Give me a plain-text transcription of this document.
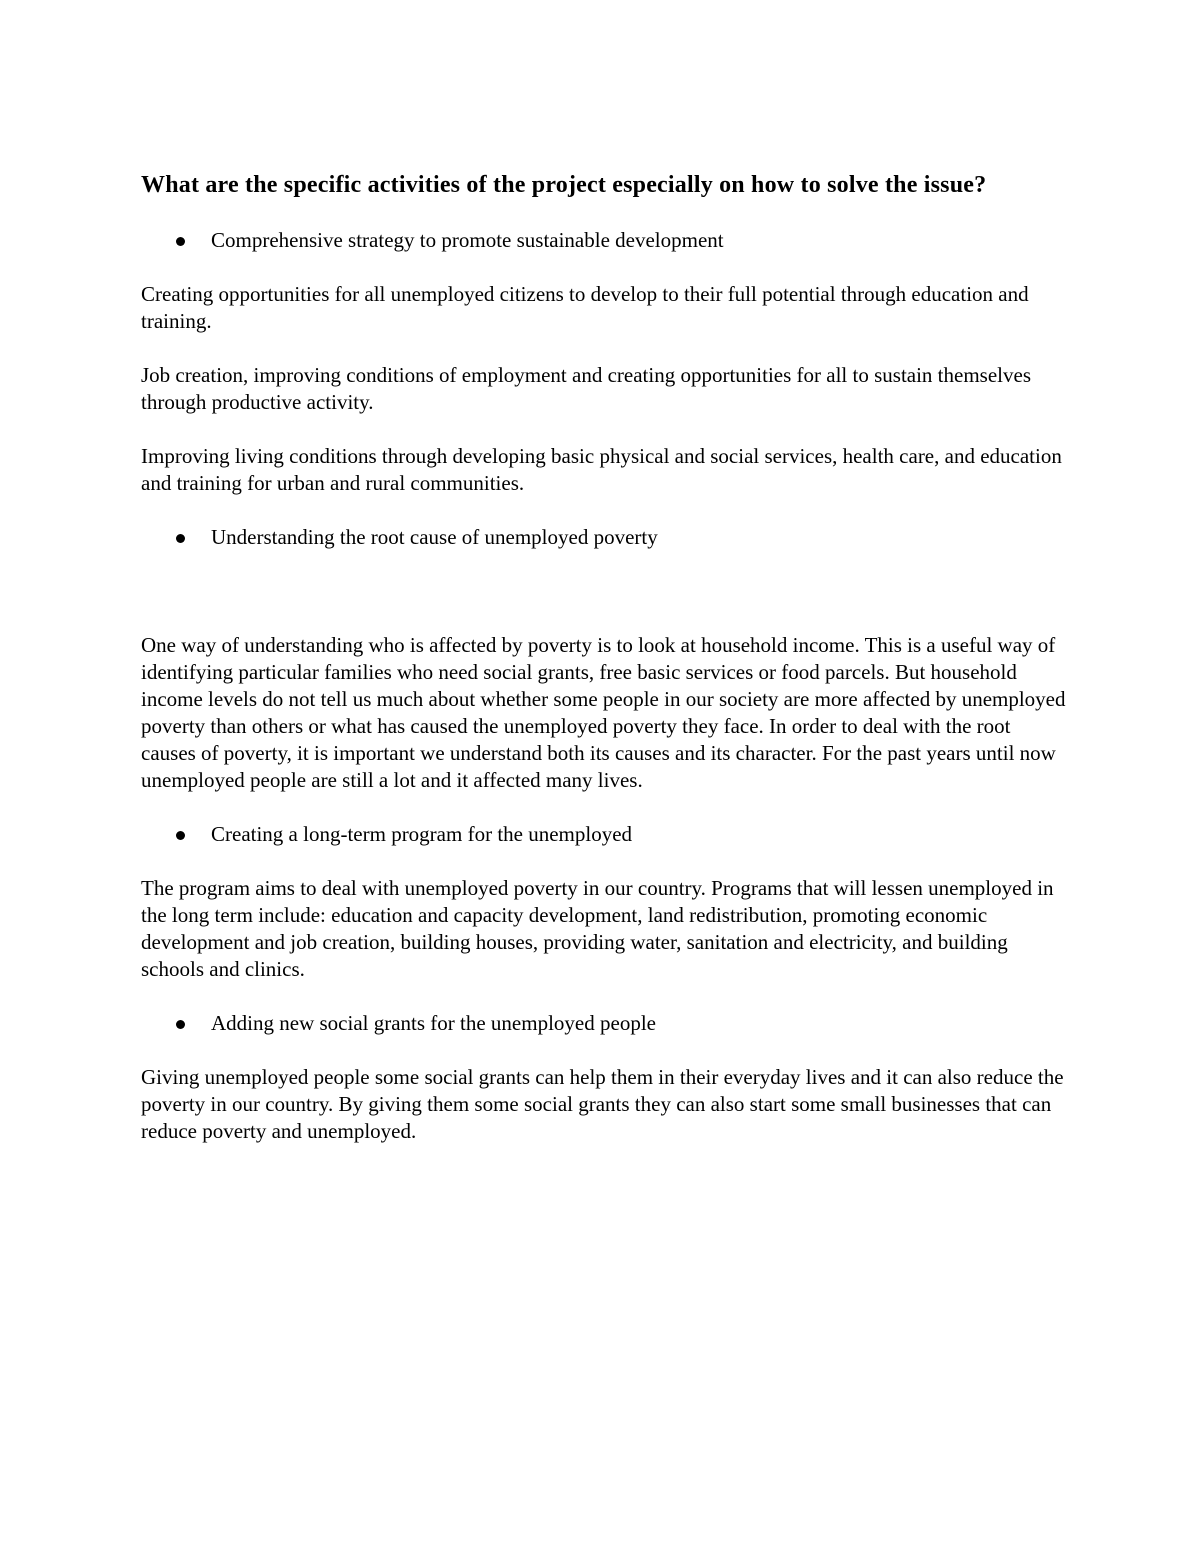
What are the specific activities of the project especially on how to solve the issue?
Comprehensive strategy to promote sustainable development

Creating opportunities for all unemployed citizens to develop to their full potential through education and training.

Job creation, improving conditions of employment and creating opportunities for all to sustain themselves through productive activity.

Improving living conditions through developing basic physical and social services, health care, and education and training for urban and rural communities.

Understanding the root cause of unemployed poverty

One way of understanding who is affected by poverty is to look at household income. This is a useful way of identifying particular families who need social grants, free basic services or food parcels. But household income levels do not tell us much about whether some people in our society are more affected by unemployed poverty than others or what has caused the unemployed poverty they face. In order to deal with the root causes of poverty, it is important we understand both its causes and its character. For the past years until now unemployed people are still a lot and it affected many lives.

Creating a long-term program for the unemployed

The program aims to deal with unemployed poverty in our country. Programs that will lessen unemployed in the long term include: education and capacity development, land redistribution, promoting economic development and job creation, building houses, providing water, sanitation and electricity, and building schools and clinics.

Adding new social grants for the unemployed people

Giving unemployed people some social grants can help them in their everyday lives and it can also reduce the poverty in our country. By giving them some social grants they can also start some small businesses that can reduce poverty and unemployed.
